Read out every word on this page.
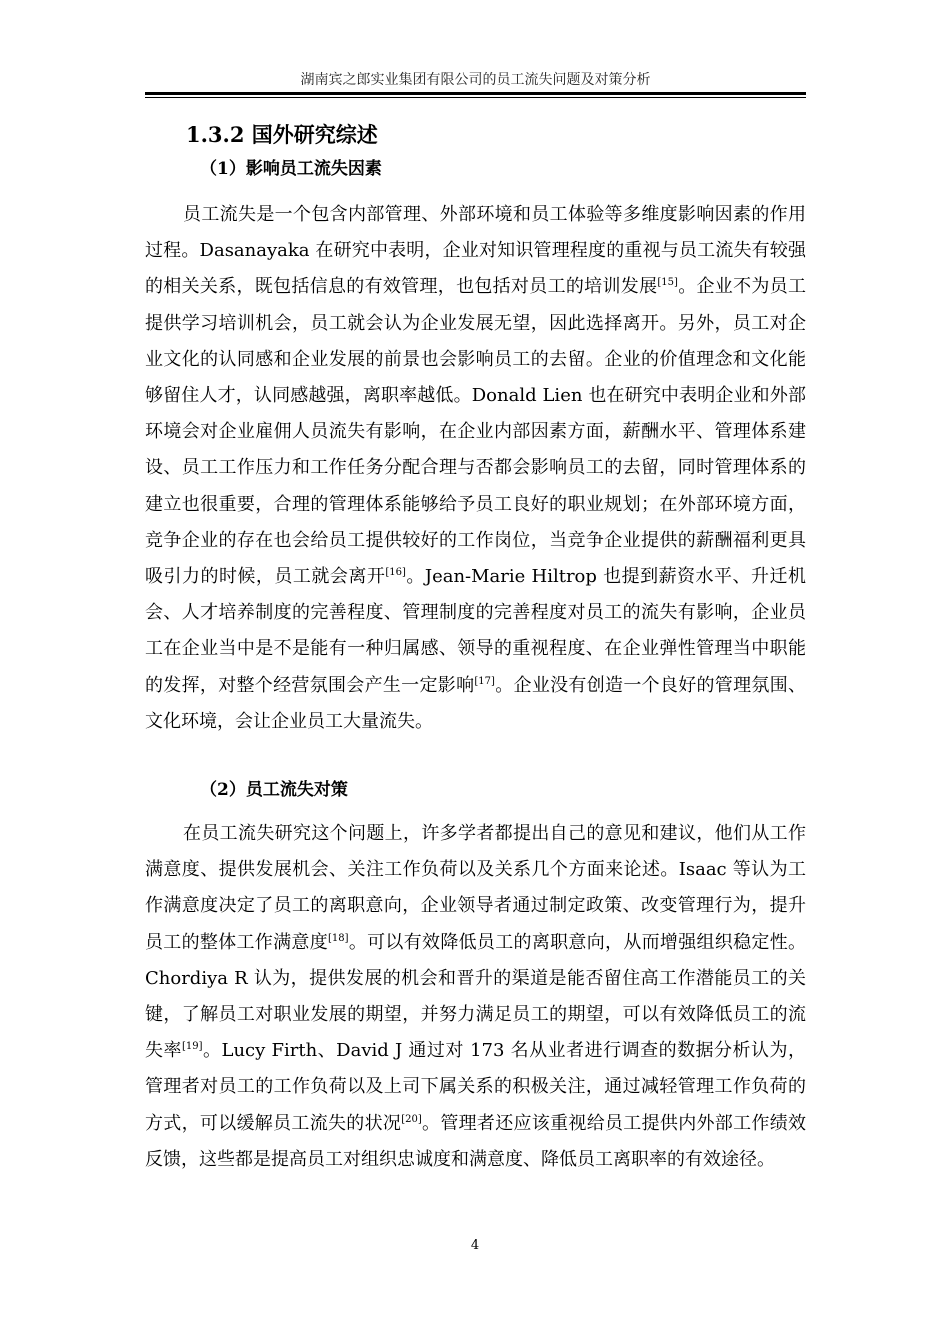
湖南宾之郎实业集团有限公司的员工流失问题及对策分析
1.3.2 国外研究综述
（1）影响员工流失因素
员工流失是一个包含内部管理、外部环境和员工体验等多维度影响因素的作用过程。Dasanayaka 在研究中表明，企业对知识管理程度的重视与员工流失有较强的相关关系，既包括信息的有效管理，也包括对员工的培训发展[15]。企业不为员工提供学习培训机会，员工就会认为企业发展无望，因此选择离开。另外，员工对企业文化的认同感和企业发展的前景也会影响员工的去留。企业的价值理念和文化能够留住人才，认同感越强，离职率越低。Donald Lien 也在研究中表明企业和外部环境会对企业雇佣人员流失有影响，在企业内部因素方面，薪酬水平、管理体系建设、员工工作压力和工作任务分配合理与否都会影响员工的去留，同时管理体系的建立也很重要，合理的管理体系能够给予员工良好的职业规划；在外部环境方面，竞争企业的存在也会给员工提供较好的工作岗位，当竞争企业提供的薪酬福利更具吸引力的时候，员工就会离开[16]。Jean-Marie Hiltrop 也提到薪资水平、升迁机会、人才培养制度的完善程度、管理制度的完善程度对员工的流失有影响，企业员工在企业当中是不是能有一种归属感、领导的重视程度、在企业弹性管理当中职能的发挥，对整个经营氛围会产生一定影响[17]。企业没有创造一个良好的管理氛围、文化环境，会让企业员工大量流失。
（2）员工流失对策
在员工流失研究这个问题上，许多学者都提出自己的意见和建议，他们从工作满意度、提供发展机会、关注工作负荷以及关系几个方面来论述。Isaac 等认为工作满意度决定了员工的离职意向，企业领导者通过制定政策、改变管理行为，提升员工的整体工作满意度[18]。可以有效降低员工的离职意向，从而增强组织稳定性。Chordiya R 认为，提供发展的机会和晋升的渠道是能否留住高工作潜能员工的关键，了解员工对职业发展的期望，并努力满足员工的期望，可以有效降低员工的流失率[19]。Lucy Firth、David J 通过对 173 名从业者进行调查的数据分析认为，管理者对员工的工作负荷以及上司下属关系的积极关注，通过减轻管理工作负荷的方式，可以缓解员工流失的状况[20]。管理者还应该重视给员工提供内外部工作绩效反馈，这些都是提高员工对组织忠诚度和满意度、降低员工离职率的有效途径。
4
